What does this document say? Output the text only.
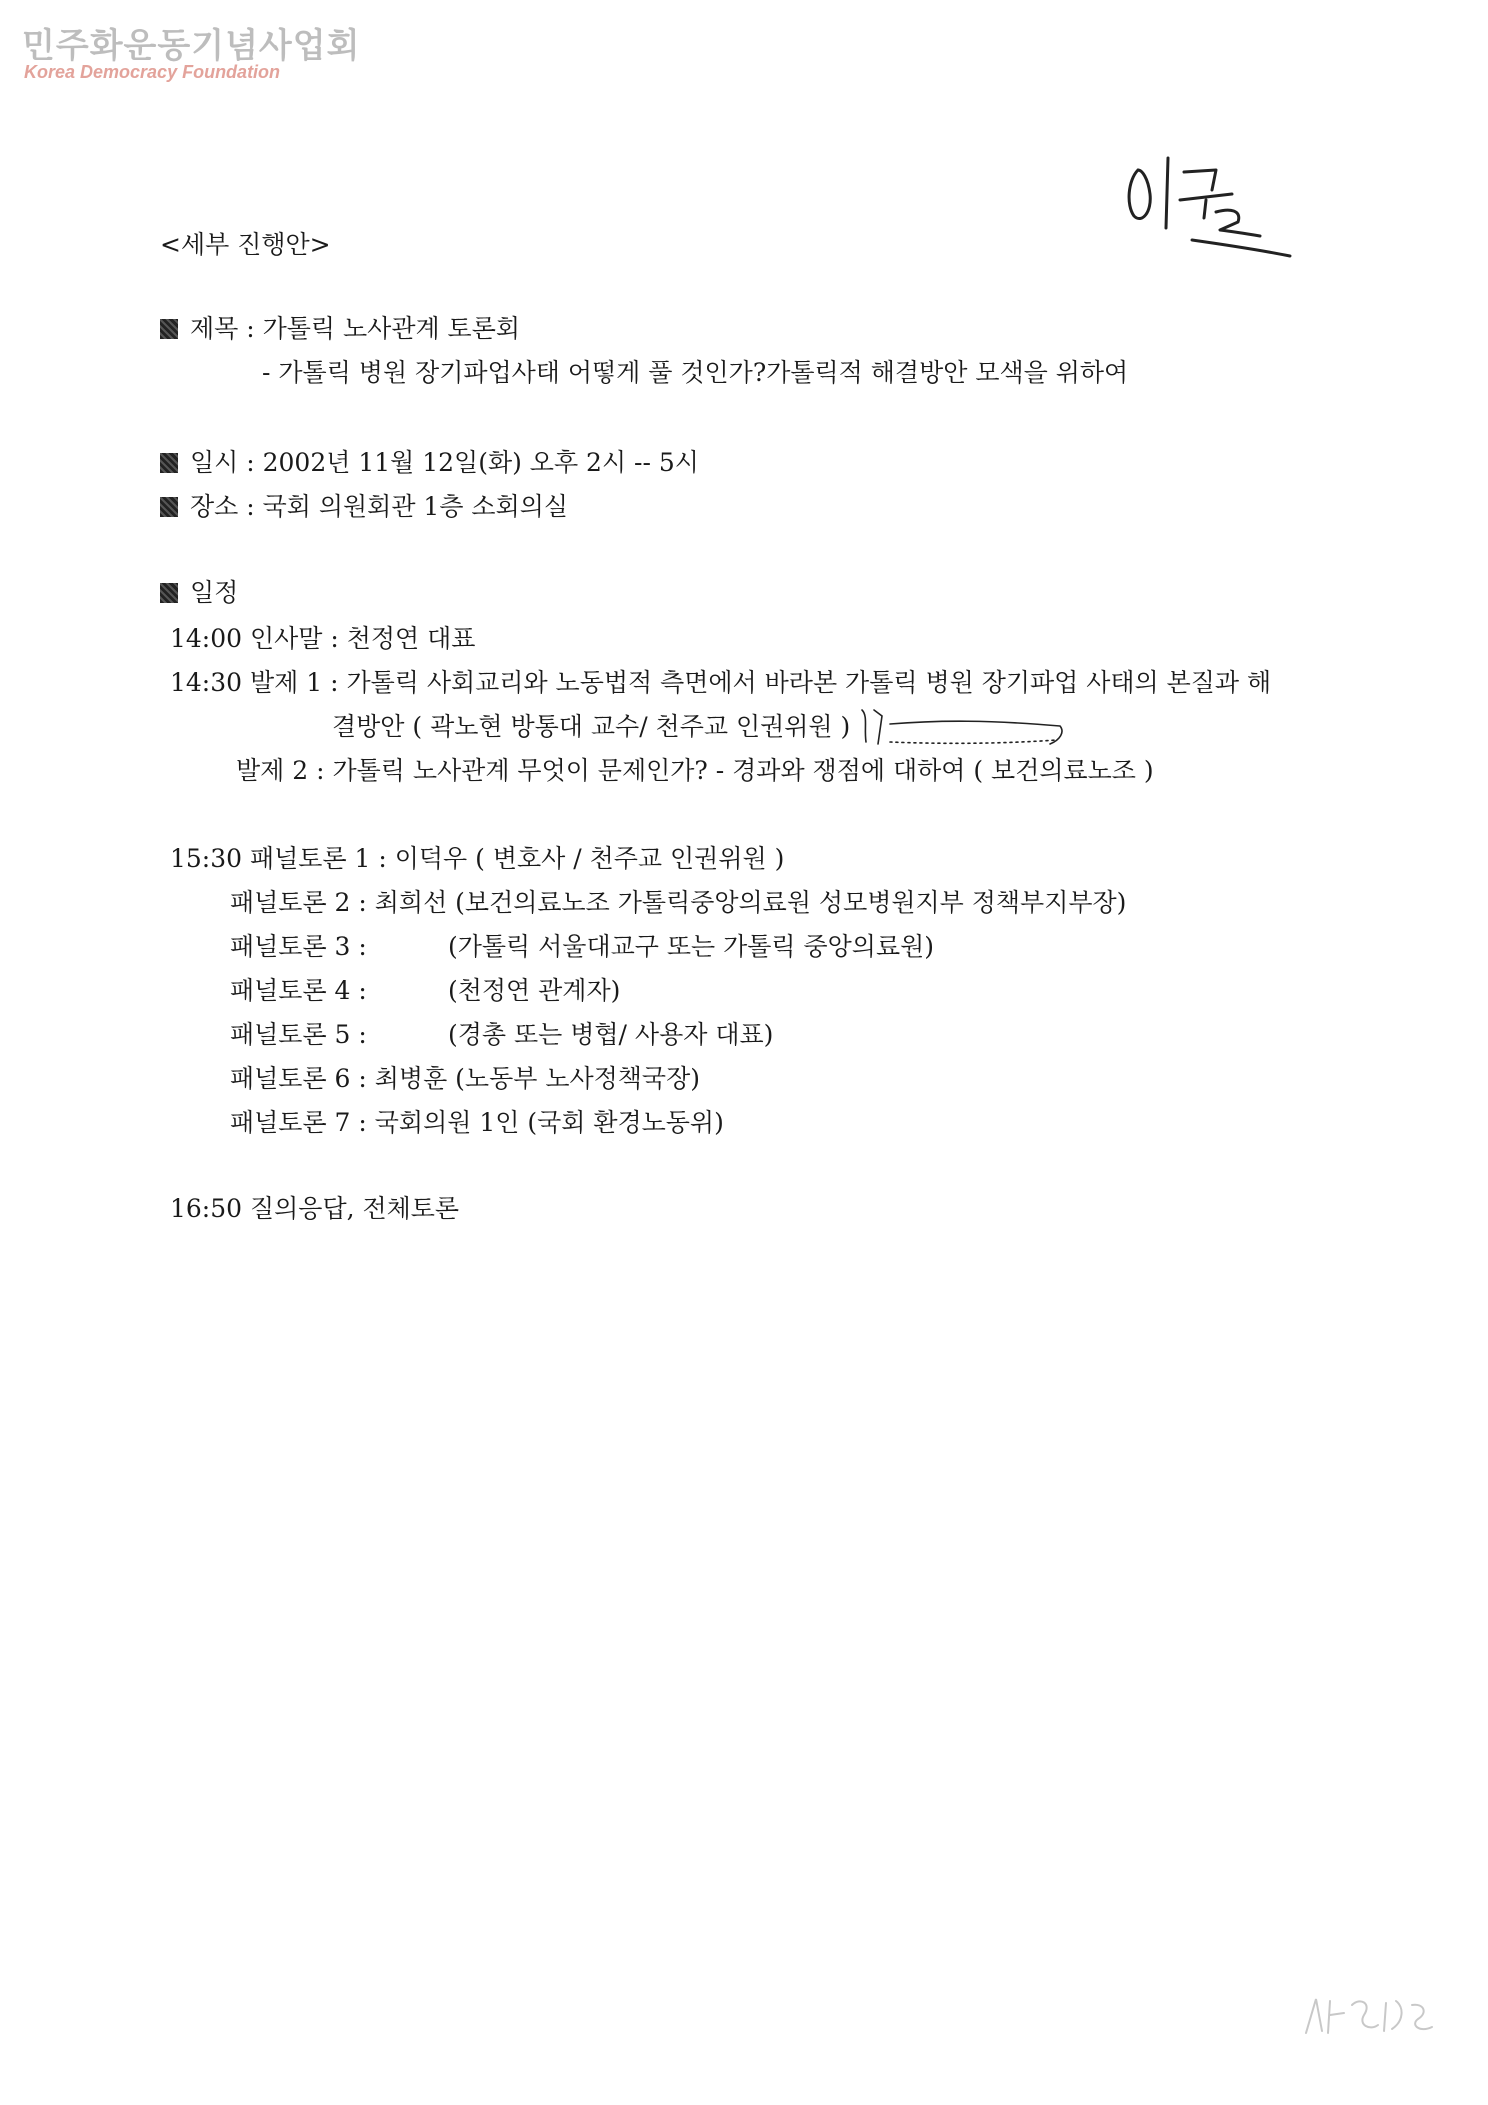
민주화운동기념사업회
Korea Democracy Foundation
<세부 진행안>
제목 : 가톨릭 노사관계 토론회
- 가톨릭 병원 장기파업사태 어떻게 풀 것인가?가톨릭적 해결방안 모색을 위하여
일시 : 2002년 11월 12일(화) 오후 2시 -- 5시
장소 : 국회 의원회관 1층 소회의실
일정
14:00 인사말 : 천정연 대표
14:30 발제 1 : 가톨릭 사회교리와 노동법적 측면에서 바라본 가톨릭 병원 장기파업 사태의 본질과 해
결방안 ( 곽노현 방통대 교수/ 천주교 인권위원 )
발제 2 : 가톨릭 노사관계 무엇이 문제인가? - 경과와 쟁점에 대하여 ( 보건의료노조 )
15:30 패널토론 1 : 이덕우 ( 변호사 / 천주교 인권위원 )
패널토론 2 : 최희선 (보건의료노조 가톨릭중앙의료원 성모병원지부 정책부지부장)
패널토론 3 :	(가톨릭 서울대교구 또는 가톨릭 중앙의료원)
패널토론 4 :	(천정연 관계자)
패널토론 5 :	(경총 또는 병협/ 사용자 대표)
패널토론 6 : 최병훈 (노동부 노사정책국장)
패널토론 7 : 국회의원 1인 (국회 환경노동위)
16:50 질의응답, 전체토론
